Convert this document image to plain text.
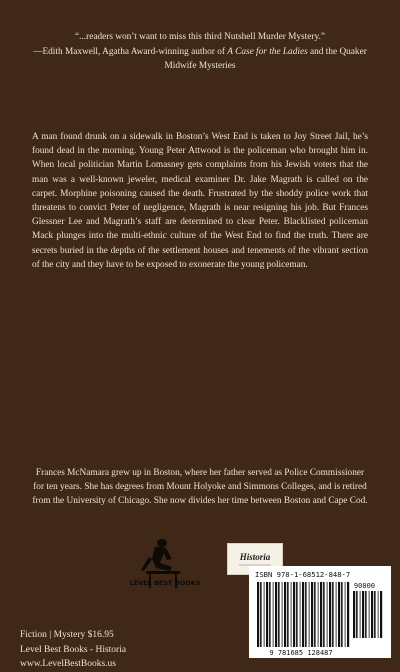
“...readers won’t want to miss this third Nutshell Murder Mystery.”
—Edith Maxwell, Agatha Award-winning author of A Case for the Ladies and the Quaker Midwife Mysteries

A man found drunk on a sidewalk in Boston’s West End is taken to Joy Street Jail, he’s found dead in the morning. Young Peter Attwood is the policeman who brought him in. When local politician Martin Lomasney gets complaints from his Jewish voters that the man was a well-known jeweler, medical examiner Dr. Jake Magrath is called on the carpet. Morphine poisoning caused the death. Frustrated by the shoddy police work that threatens to convict Peter of negligence, Magrath is near resigning his job. But Frances Glessner Lee and Magrath’s staff are determined to clear Peter. Blacklisted policeman Mack plunges into the multi-ethnic culture of the West End to find the truth. There are secrets buried in the depths of the settlement houses and tenements of the vibrant section of the city and they have to be exposed to exonerate the young policeman.

Frances McNamara grew up in Boston, where her father served as Police Commissioner for ten years. She has degrees from Mount Holyoke and Simmons Colleges, and is retired from the University of Chicago. She now divides her time between Boston and Cape Cod.

LEVEL BEST BOOKS
Historia
Fiction | Mystery $16.95
Level Best Books - Historia
www.LevelBestBooks.us
ISBN 978-1-68512-848-7
90000
9 781685 128487
